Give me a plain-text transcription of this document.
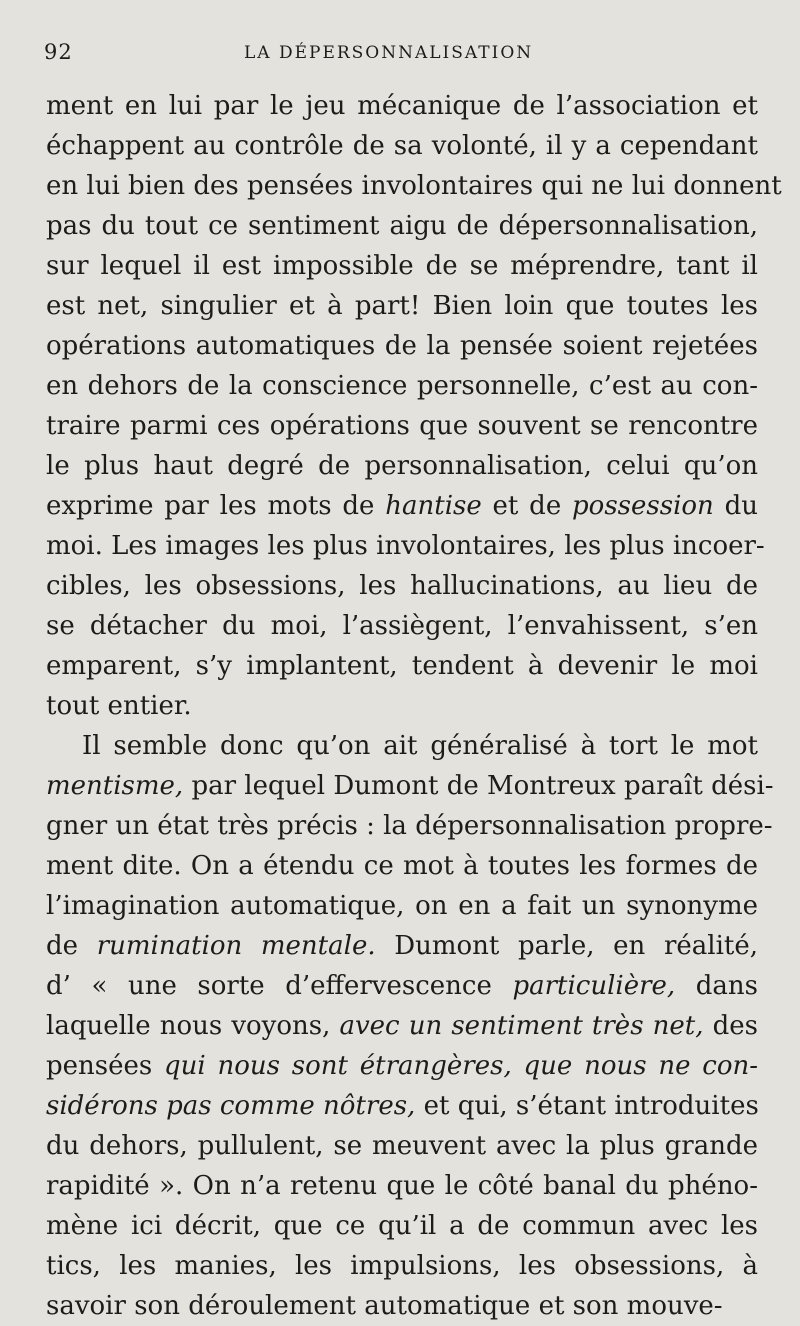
92	LA DÉPERSONNALISATION
ment en lui par le jeu mécanique de l’association et
échappent au contrôle de sa volonté, il y a cependant
en lui bien des pensées involontaires qui ne lui donnent
pas du tout ce sentiment aigu de dépersonnalisation,
sur lequel il est impossible de se méprendre, tant il
est net, singulier et à part! Bien loin que toutes les
opérations automatiques de la pensée soient rejetées
en dehors de la conscience personnelle, c’est au con-
traire parmi ces opérations que souvent se rencontre
le plus haut degré de personnalisation, celui qu’on
exprime par les mots de hantise et de possession du
moi. Les images les plus involontaires, les plus incoer-
cibles, les obsessions, les hallucinations, au lieu de
se détacher du moi, l’assiègent, l’envahissent, s’en
emparent, s’y implantent, tendent à devenir le moi
tout entier.
Il semble donc qu’on ait généralisé à tort le mot
mentisme, par lequel Dumont de Montreux paraît dési-
gner un état très précis : la dépersonnalisation propre-
ment dite. On a étendu ce mot à toutes les formes de
l’imagination automatique, on en a fait un synonyme
de rumination mentale. Dumont parle, en réalité,
d’ « une sorte d’effervescence particulière, dans
laquelle nous voyons, avec un sentiment très net, des
pensées qui nous sont étrangères, que nous ne con-
sidérons pas comme nôtres, et qui, s’étant introduites
du dehors, pullulent, se meuvent avec la plus grande
rapidité ». On n’a retenu que le côté banal du phéno-
mène ici décrit, que ce qu’il a de commun avec les
tics, les manies, les impulsions, les obsessions, à
savoir son déroulement automatique et son mouve-
